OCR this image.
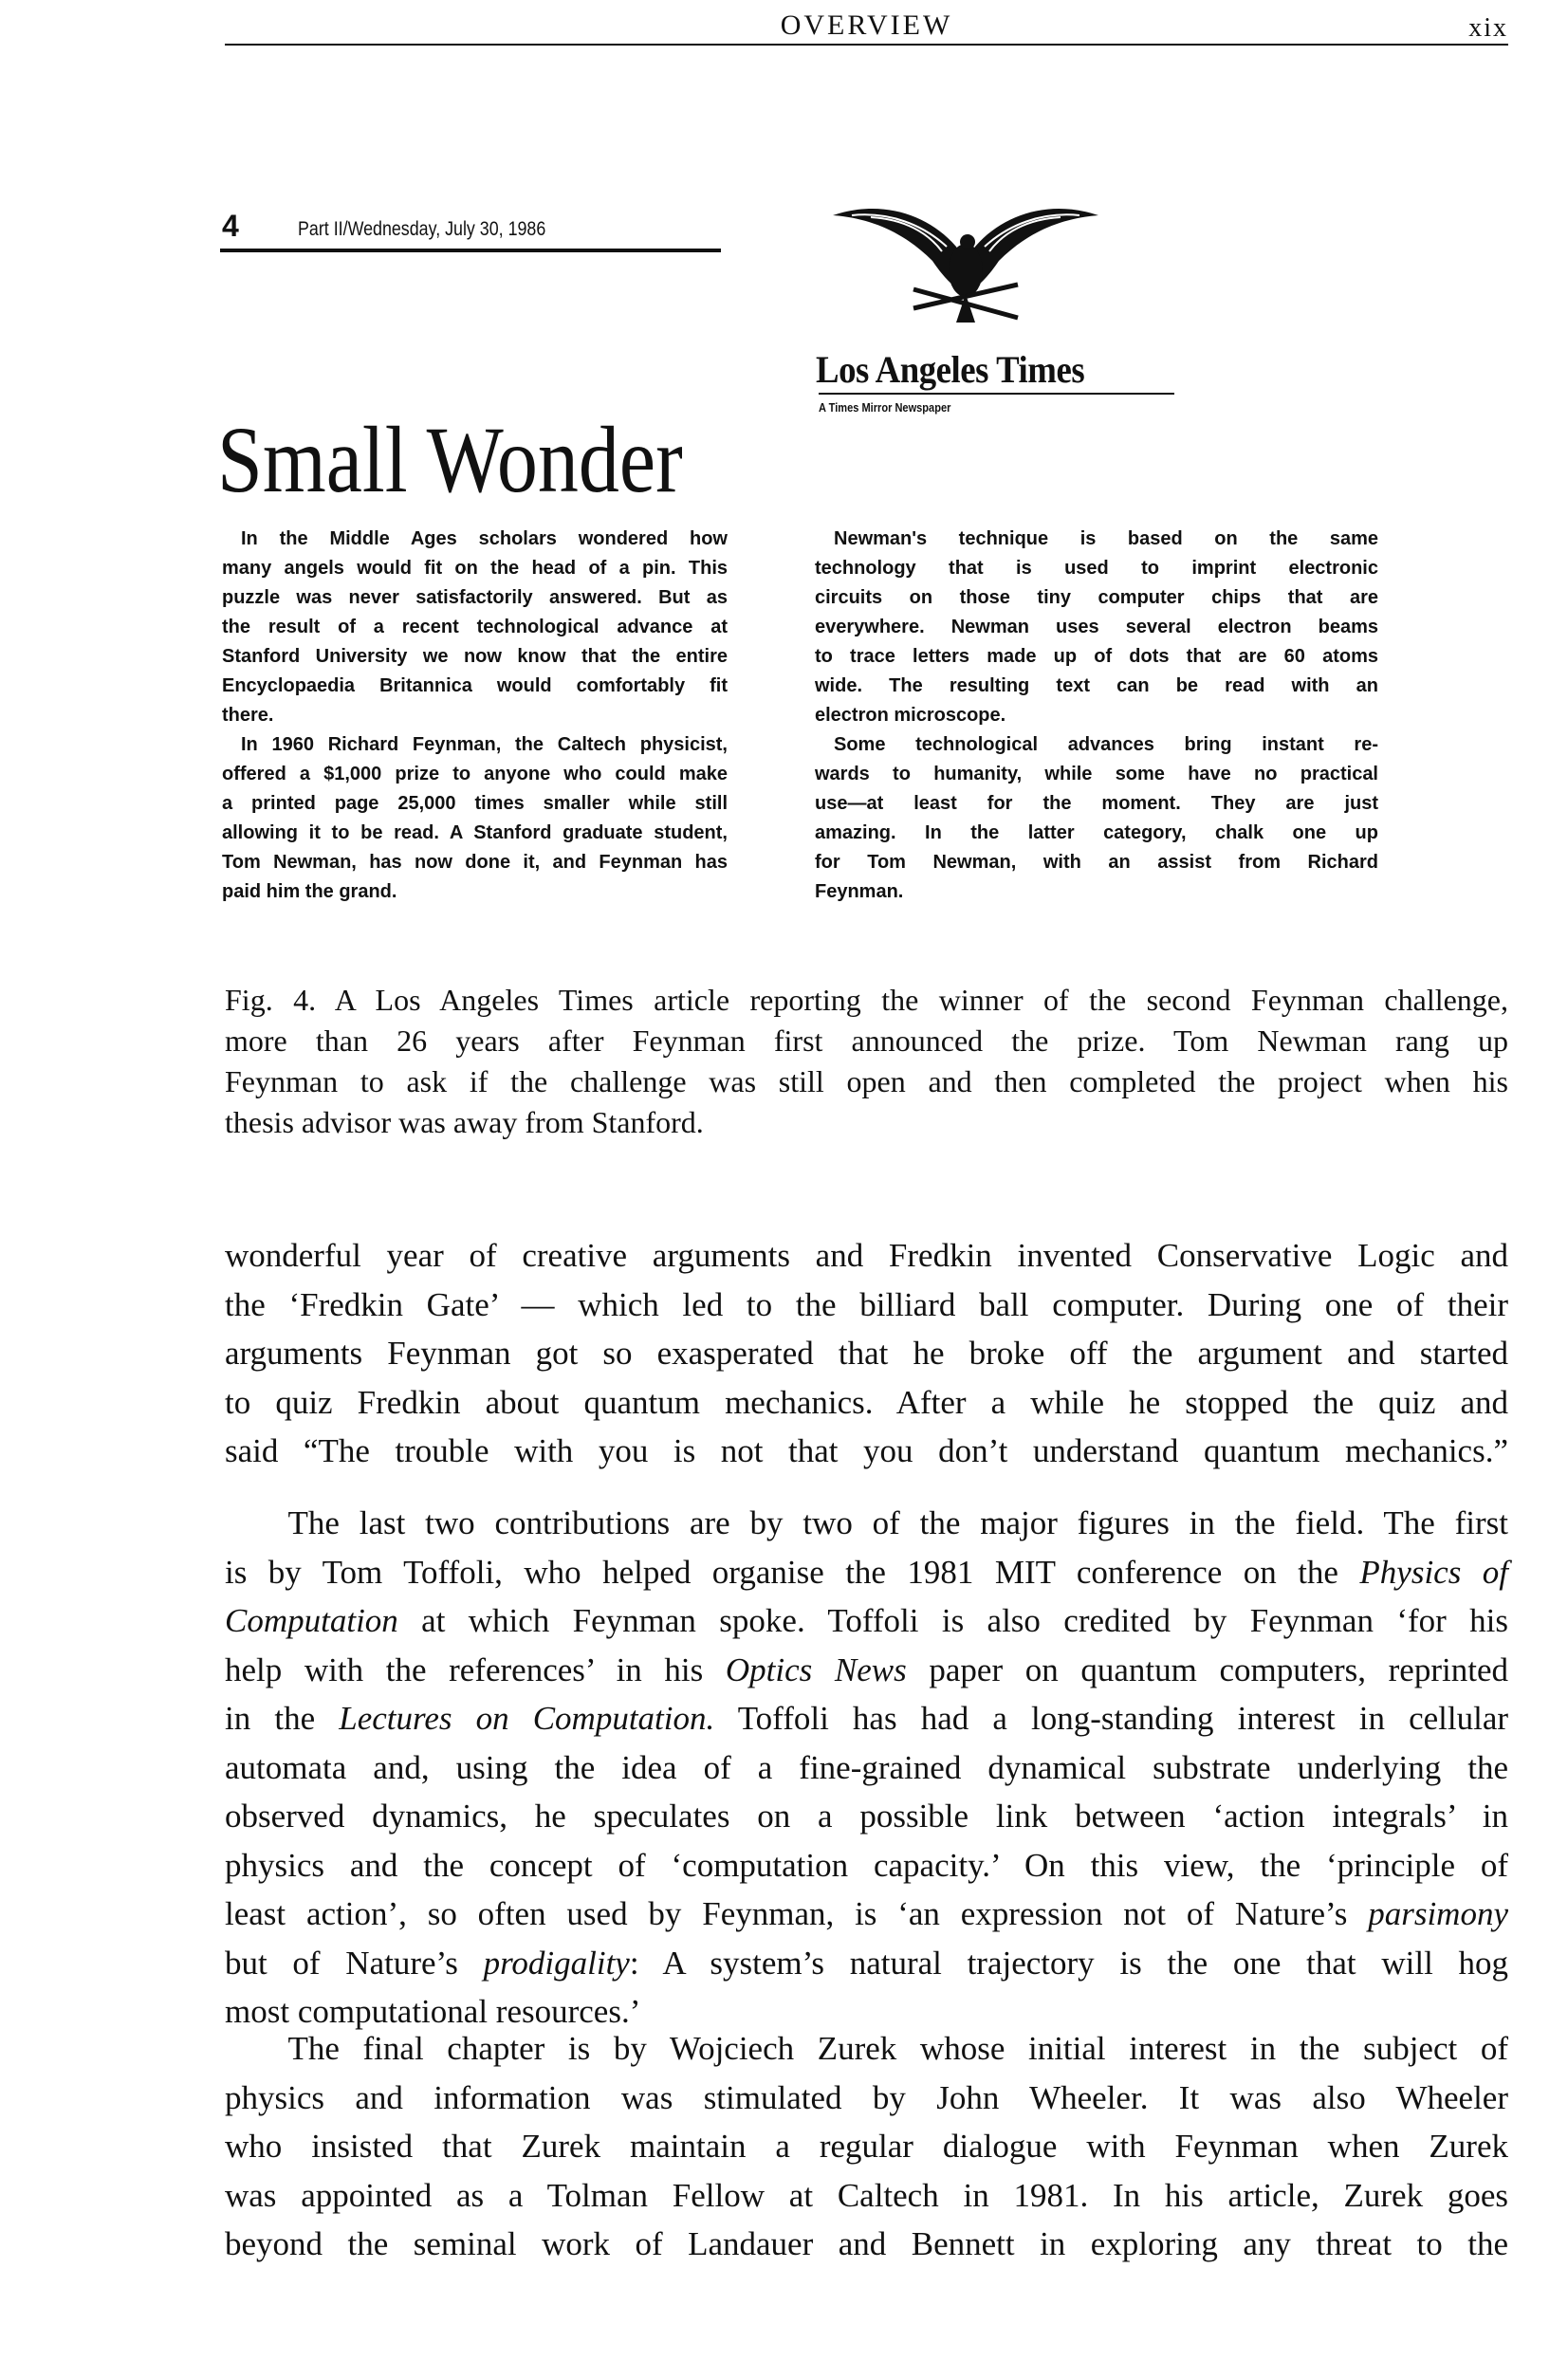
OVERVIEW	xix
4	Part II/Wednesday, July 30, 1986
Los Angeles Times
A Times Mirror Newspaper
Small Wonder
In the Middle Ages scholars wondered how
many angels would fit on the head of a pin. This
puzzle was never satisfactorily answered. But as
the result of a recent technological advance at
Stanford University we now know that the entire
Encyclopaedia Britannica would comfortably fit
there.
In 1960 Richard Feynman, the Caltech physicist,
offered a $1,000 prize to anyone who could make
a printed page 25,000 times smaller while still
allowing it to be read. A Stanford graduate student,
Tom Newman, has now done it, and Feynman has
paid him the grand.
Newman's technique is based on the same
technology that is used to imprint electronic
circuits on those tiny computer chips that are
everywhere. Newman uses several electron beams
to trace letters made up of dots that are 60 atoms
wide. The resulting text can be read with an
electron microscope.
Some technological advances bring instant re-
wards to humanity, while some have no practical
use—at least for the moment. They are just
amazing. In the latter category, chalk one up
for Tom Newman, with an assist from Richard
Feynman.
Fig. 4. A Los Angeles Times article reporting the winner of the second Feynman challenge,
more than 26 years after Feynman first announced the prize. Tom Newman rang up
Feynman to ask if the challenge was still open and then completed the project when his
thesis advisor was away from Stanford.
wonderful year of creative arguments and Fredkin invented Conservative Logic and
the ‘Fredkin Gate’ — which led to the billiard ball computer. During one of their
arguments Feynman got so exasperated that he broke off the argument and started
to quiz Fredkin about quantum mechanics. After a while he stopped the quiz and
said “The trouble with you is not that you don’t understand quantum mechanics.”
The last two contributions are by two of the major figures in the field. The first
is by Tom Toffoli, who helped organise the 1981 MIT conference on the Physics of
Computation at which Feynman spoke. Toffoli is also credited by Feynman ‘for his
help with the references’ in his Optics News paper on quantum computers, reprinted
in the Lectures on Computation. Toffoli has had a long-standing interest in cellular
automata and, using the idea of a fine-grained dynamical substrate underlying the
observed dynamics, he speculates on a possible link between ‘action integrals’ in
physics and the concept of ‘computation capacity.’ On this view, the ‘principle of
least action’, so often used by Feynman, is ‘an expression not of Nature’s parsimony
but of Nature’s prodigality: A system’s natural trajectory is the one that will hog
most computational resources.’
The final chapter is by Wojciech Zurek whose initial interest in the subject of
physics and information was stimulated by John Wheeler. It was also Wheeler
who insisted that Zurek maintain a regular dialogue with Feynman when Zurek
was appointed as a Tolman Fellow at Caltech in 1981. In his article, Zurek goes
beyond the seminal work of Landauer and Bennett in exploring any threat to the
